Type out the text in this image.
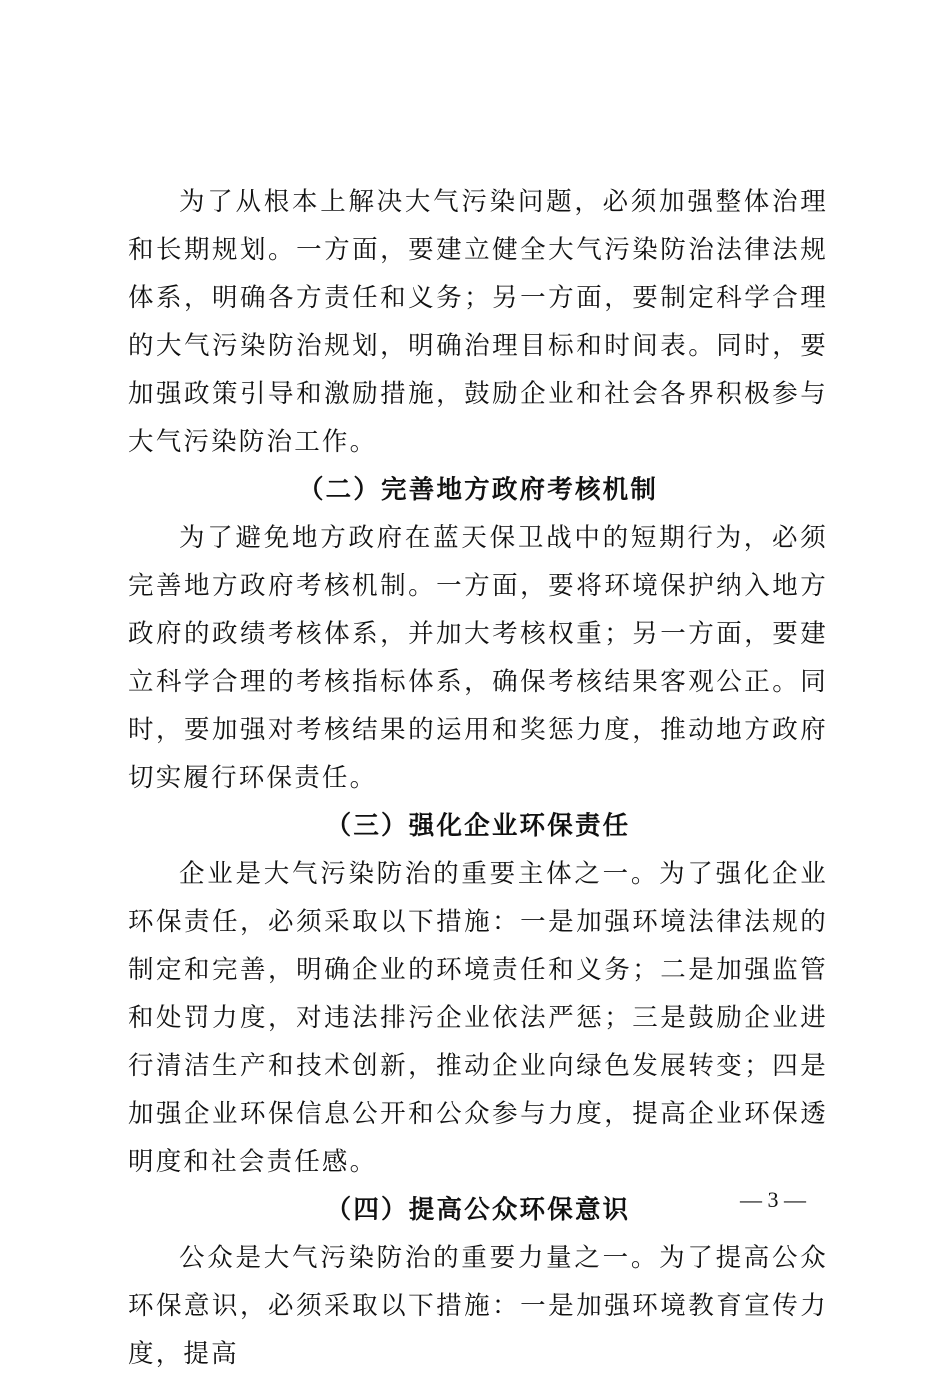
为了从根本上解决大气污染问题，必须加强整体治理和长期规划。一方面，要建立健全大气污染防治法律法规体系，明确各方责任和义务；另一方面，要制定科学合理的大气污染防治规划，明确治理目标和时间表。同时，要加强政策引导和激励措施，鼓励企业和社会各界积极参与大气污染防治工作。

（二）完善地方政府考核机制

为了避免地方政府在蓝天保卫战中的短期行为，必须完善地方政府考核机制。一方面，要将环境保护纳入地方政府的政绩考核体系，并加大考核权重；另一方面，要建立科学合理的考核指标体系，确保考核结果客观公正。同时，要加强对考核结果的运用和奖惩力度，推动地方政府切实履行环保责任。

（三）强化企业环保责任

企业是大气污染防治的重要主体之一。为了强化企业环保责任，必须采取以下措施：一是加强环境法律法规的制定和完善，明确企业的环境责任和义务；二是加强监管和处罚力度，对违法排污企业依法严惩；三是鼓励企业进行清洁生产和技术创新，推动企业向绿色发展转变；四是加强企业环保信息公开和公众参与力度，提高企业环保透明度和社会责任感。

（四）提高公众环保意识

公众是大气污染防治的重要力量之一。为了提高公众环保意识，必须采取以下措施：一是加强环境教育宣传力度，提高

— 3 —
